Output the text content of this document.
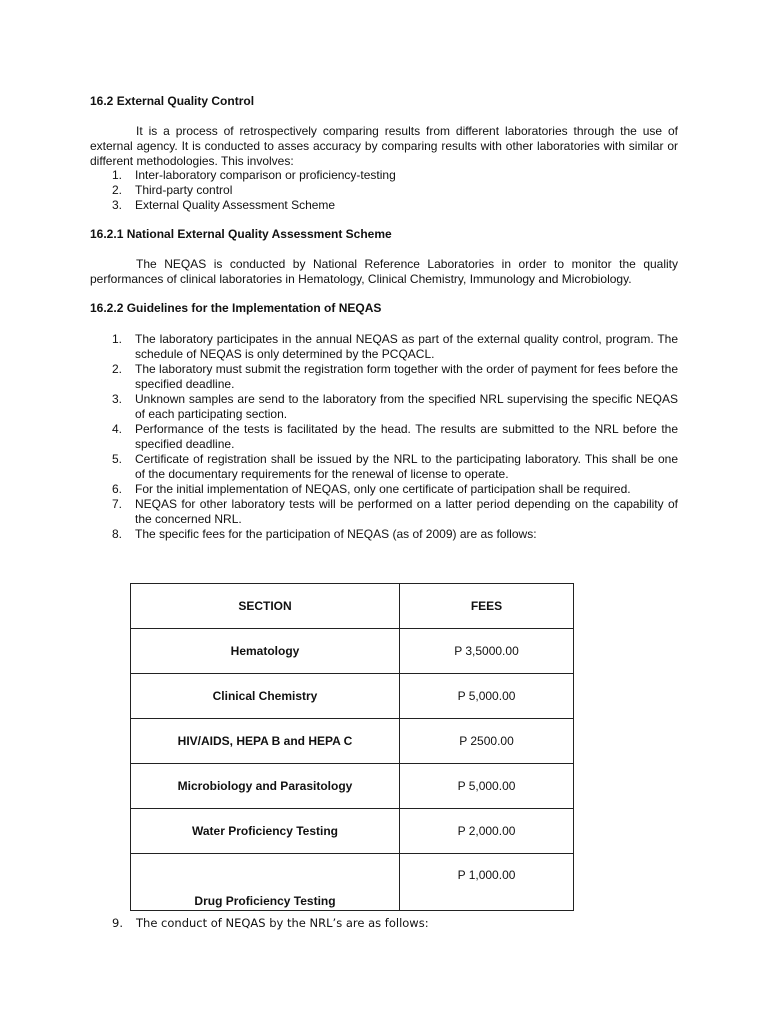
16.2 External Quality Control
It is a process of retrospectively comparing results from different laboratories through the use of external agency. It is conducted to asses accuracy by comparing results with other laboratories with similar or different methodologies. This involves:
1.	Inter-laboratory comparison or proficiency-testing
2.	Third-party control
3.	External Quality Assessment Scheme
16.2.1 National External Quality Assessment Scheme
The NEQAS is conducted by National Reference Laboratories in order to monitor the quality performances of clinical laboratories in Hematology, Clinical Chemistry, Immunology and Microbiology.
16.2.2 Guidelines for the Implementation of NEQAS
1.	The laboratory participates in the annual NEQAS as part of the external quality control, program. The schedule of NEQAS is only determined by the PCQACL.
2.	The laboratory must submit the registration form together with the order of payment for fees before the specified deadline.
3.	Unknown samples are send to the laboratory from the specified NRL supervising the specific NEQAS of each participating section.
4.	Performance of the tests is facilitated by the head. The results are submitted to the NRL before the specified deadline.
5.	Certificate of registration shall be issued by the NRL to the participating laboratory. This shall be one of the documentary requirements for the renewal of license to operate.
6.	For the initial implementation of NEQAS, only one certificate of participation shall be required.
7.	NEQAS for other laboratory tests will be performed on a latter period depending on the capability of the concerned NRL.
8.	The specific fees for the participation of NEQAS (as of 2009) are as follows:
SECTION	FEES
Hematology	P 3,5000.00
Clinical Chemistry	P 5,000.00
HIV/AIDS, HEPA B and HEPA C	P 2500.00
Microbiology and Parasitology	P 5,000.00
Water Proficiency Testing	P 2,000.00
Drug Proficiency Testing	P 1,000.00
9. The conduct of NEQAS by the NRL’s are as follows:
